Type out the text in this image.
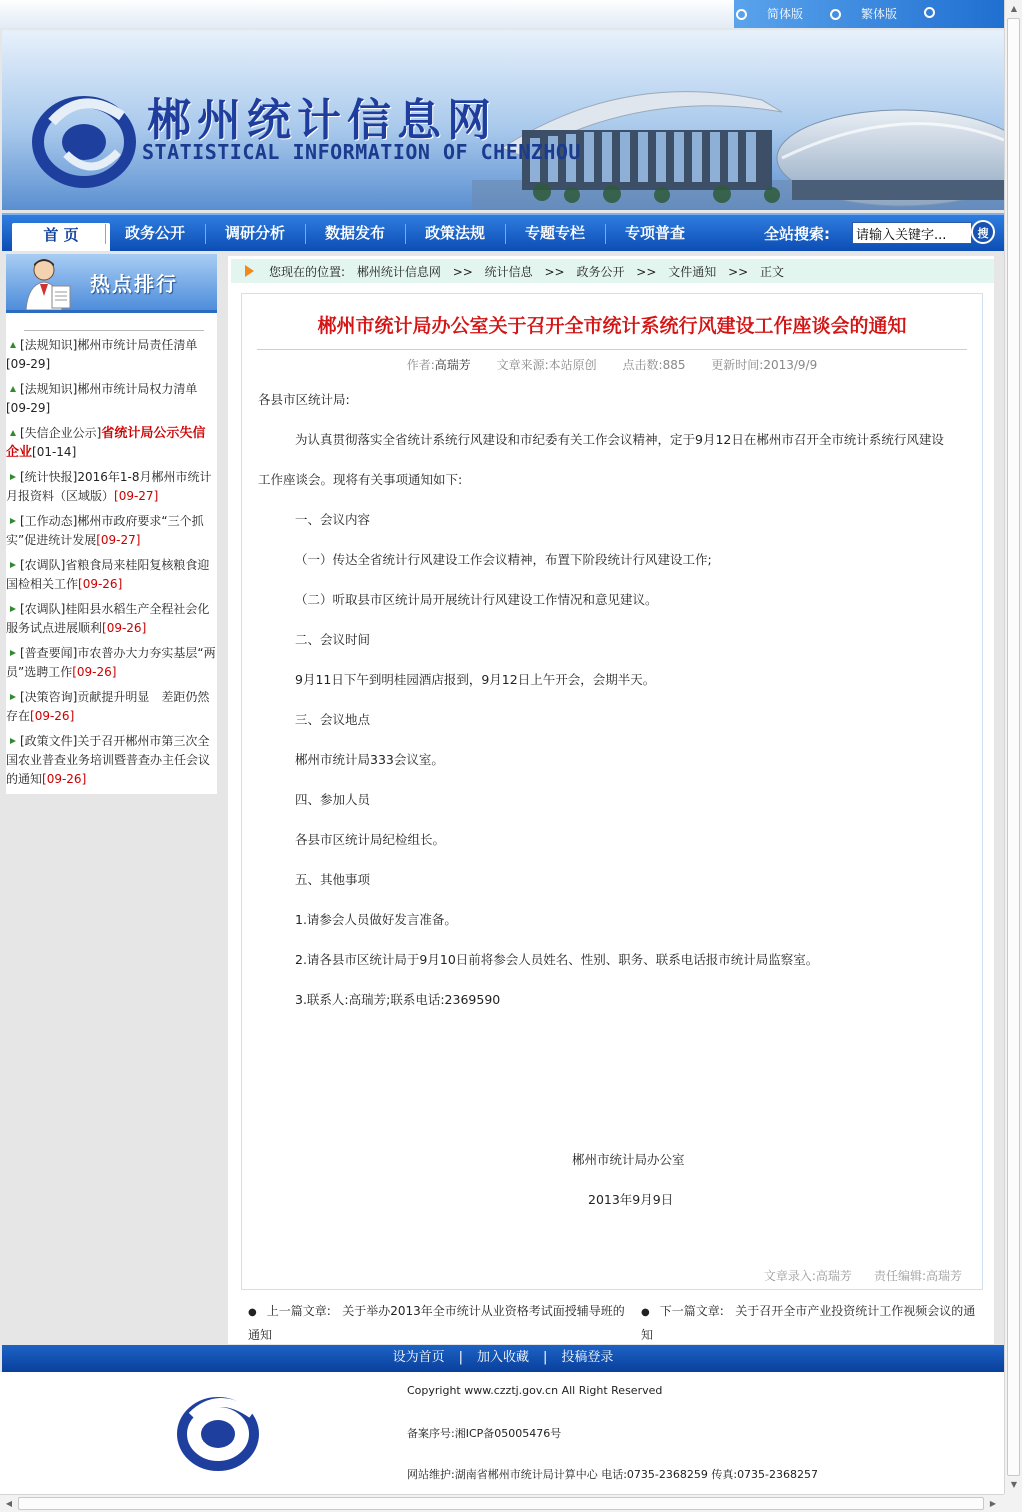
简体版	繁体版
郴州统计信息网
STATISTICAL INFORMATION OF CHENZHOU
首 页	政务公开	调研分析	数据发布	政策法规	专题专栏	专项普查	全站搜索:
请输入关键字...	搜
热点排行
[法规知识]郴州市统计局责任清单
[09-29]
[法规知识]郴州市统计局权力清单
[09-29]
[失信企业公示]省统计局公示失信企业[01-14]
[统计快报]2016年1-8月郴州市统计月报资料（区域版）[09-27]
[工作动态]郴州市政府要求“三个抓实”促进统计发展[09-27]
[农调队]省粮食局来桂阳复核粮食迎国检相关工作[09-26]
[农调队]桂阳县水稻生产全程社会化服务试点进展顺利[09-26]
[普查要闻]市农普办大力夯实基层“两员”选聘工作[09-26]
[决策咨询]贡献提升明显　差距仍然存在[09-26]
[政策文件]关于召开郴州市第三次全国农业普查业务培训暨普查办主任会议的通知[09-26]
您现在的位置: 郴州统计信息网 >> 统计信息 >> 政务公开 >> 文件通知 >> 正文
郴州市统计局办公室关于召开全市统计系统行风建设工作座谈会的通知
作者:高瑞芳 文章来源:本站原创 点击数:885 更新时间:2013/9/9
各县市区统计局:
为认真贯彻落实全省统计系统行风建设和市纪委有关工作会议精神，定于9月12日在郴州市召开全市统计系统行风建设
工作座谈会。现将有关事项通知如下:
一、会议内容
（一）传达全省统计行风建设工作会议精神，布置下阶段统计行风建设工作;
（二）听取县市区统计局开展统计行风建设工作情况和意见建议。
二、会议时间
9月11日下午到明桂园酒店报到，9月12日上午开会，会期半天。
三、会议地点
郴州市统计局333会议室。
四、参加人员
各县市区统计局纪检组长。
五、其他事项
1.请参会人员做好发言准备。
2.请各县市区统计局于9月10日前将参会人员姓名、性别、职务、联系电话报市统计局监察室。
3.联系人:高瑞芳;联系电话:2369590
郴州市统计局办公室
2013年9月9日
文章录入:高瑞芳 责任编辑:高瑞芳
● 上一篇文章: 关于举办2013年全市统计从业资格考试面授辅导班的通知
● 下一篇文章: 关于召开全市产业投资统计工作视频会议的通知
设为首页 | 加入收藏 | 投稿登录
Copyright www.czztj.gov.cn All Right Reserved
备案序号:湘ICP备05005476号
网站维护:湖南省郴州市统计局计算中心 电话:0735-2368259 传真:0735-2368257
▲
▼
◀	▶
